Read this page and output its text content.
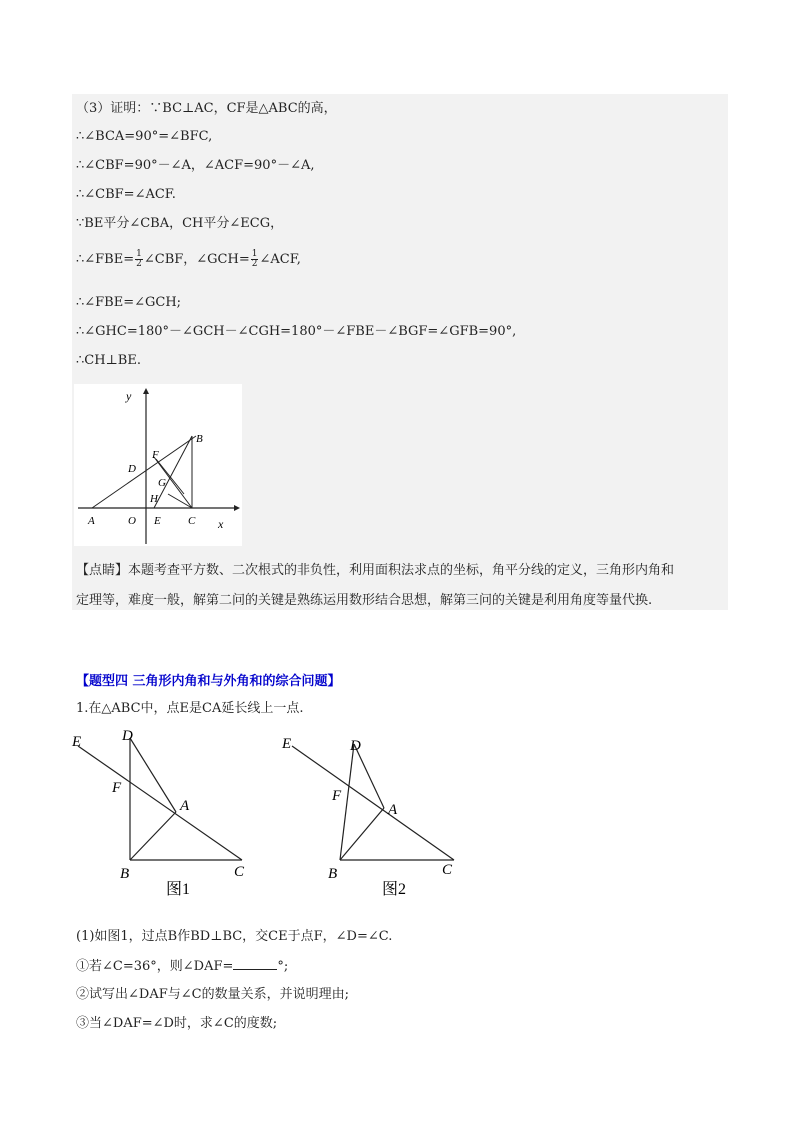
（3）证明：∵BC⊥AC，CF是△ABC的高，
∴∠BCA=90°=∠BFC,
∴∠CBF=90°－∠A，∠ACF=90°－∠A,
∴∠CBF=∠ACF.
∵BE平分∠CBA，CH平分∠ECG，
∴∠FBE= $\frac{1}{2}$ ∠CBF，∠GCH= $\frac{1}{2}$ ∠ACF,
∴∠FBE=∠GCH;
∴∠GHC=180°－∠GCH－∠CGH=180°－∠FBE－∠BGF=∠GFB=90°,
∴CH⊥BE.
y
x
B
D
F
G
H
A	O E C
【点睛】本题考查平方数、二次根式的非负性，利用面积法求点的坐标，角平分线的定义，三角形内角和
定理等，难度一般，解第二问的关键是熟练运用数形结合思想，解第三问的关键是利用角度等量代换.
【题型四 三角形内角和与外角和的综合问题】
1.在△ABC中，点E是CA延长线上一点.
E	D
F
A
B	C
图1
E	D
F
A
B	C
图2
(1)如图1，过点B作BD⊥BC，交CE于点F，∠D=∠C.
①若∠C=36°，则∠DAF=	°;
②试写出∠DAF与∠C的数量关系，并说明理由;
③当∠DAF=∠D时，求∠C的度数;
